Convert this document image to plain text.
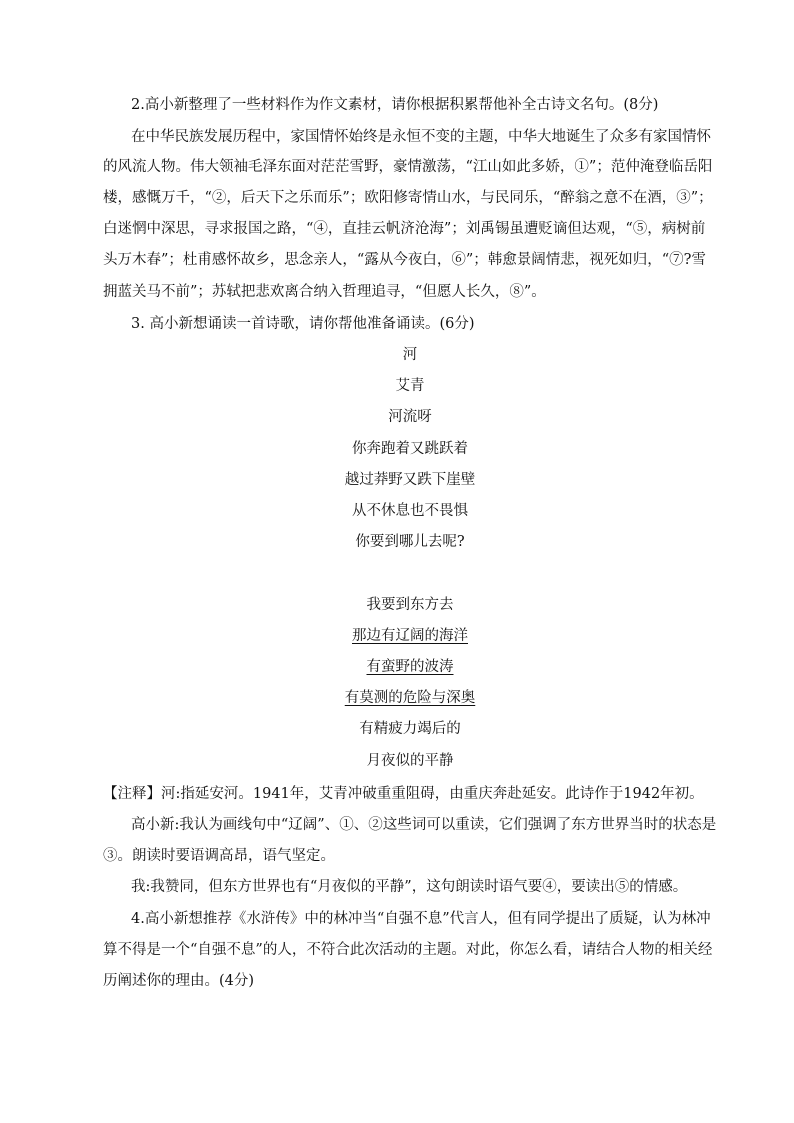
2.高小新整理了一些材料作为作文素材，请你根据积累帮他补全古诗文名句。(8分)
在中华民族发展历程中，家国情怀始终是永恒不变的主题，中华大地诞生了众多有家国情怀
的风流人物。伟大领袖毛泽东面对茫茫雪野，豪情激荡，“江山如此多娇，①”；范仲淹登临岳阳
楼，感慨万千，“②，后天下之乐而乐”；欧阳修寄情山水，与民同乐，“醉翁之意不在酒，③”；
白迷惘中深思，寻求报国之路，“④，直挂云帆济沧海”；刘禹锡虽遭贬谪但达观，“⑤，病树前
头万木春”；杜甫感怀故乡，思念亲人，“露从今夜白，⑥”；韩愈景阔情悲，视死如归，“⑦?雪
拥蓝关马不前”；苏轼把悲欢离合纳入哲理追寻，“但愿人长久，⑧”。
3. 高小新想诵读一首诗歌，请你帮他准备诵读。(6分)
河
艾青
河流呀
你奔跑着又跳跃着
越过莽野又跌下崖壁
从不休息也不畏惧
你要到哪儿去呢?
我要到东方去
那边有辽阔的海洋
有蛮野的波涛
有莫测的危险与深奥
有精疲力竭后的
月夜似的平静
【注释】河:指延安河。1941年，艾青冲破重重阻碍，由重庆奔赴延安。此诗作于1942年初。
高小新:我认为画线句中“辽阔”、①、②这些词可以重读，它们强调了东方世界当时的状态是
③。朗读时要语调高昂，语气坚定。
我:我赞同，但东方世界也有“月夜似的平静”，这句朗读时语气要④，要读出⑤的情感。
4.高小新想推荐《水浒传》中的林冲当“自强不息”代言人，但有同学提出了质疑，认为林冲
算不得是一个“自强不息”的人，不符合此次活动的主题。对此，你怎么看，请结合人物的相关经
历阐述你的理由。(4分)
